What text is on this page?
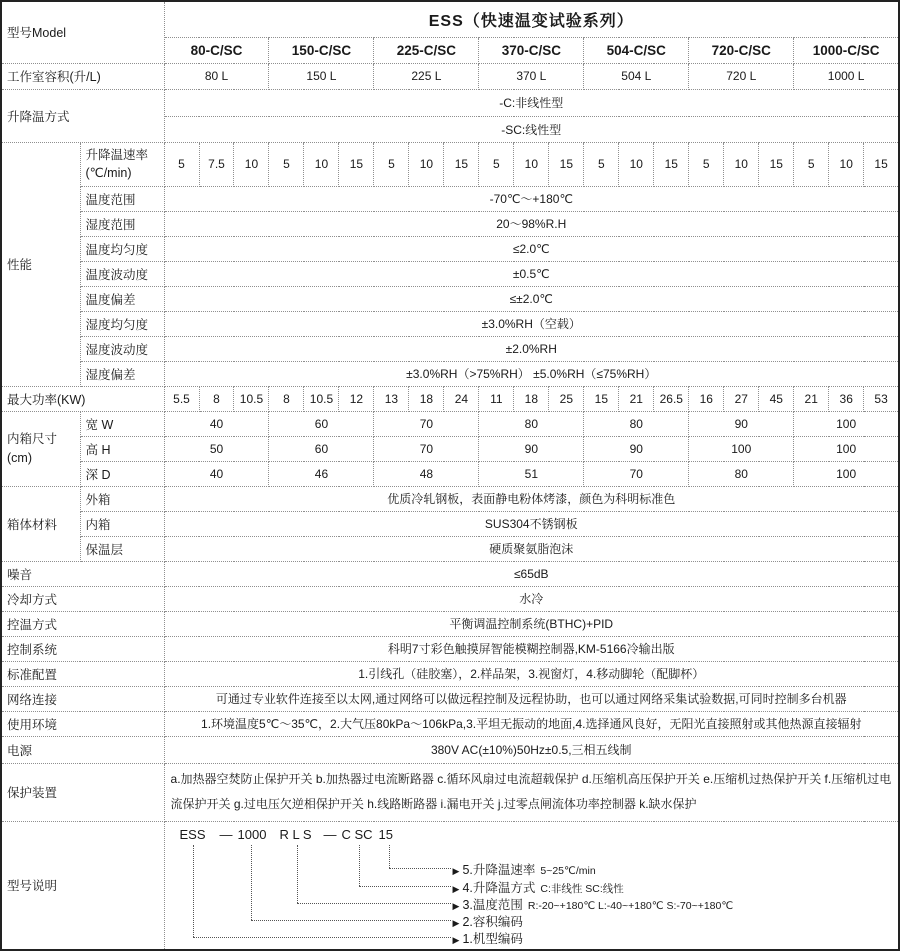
型号Model		ESS（快速温变试验系列）																				
		80-C/SC			150-C/SC			225-C/SC			370-C/SC			504-C/SC			720-C/SC			1000-C/SC		
工作室容积(升/L)		80 L			150 L			225 L			370 L			504 L			720 L			1000 L		
升降温方式		-C:非线性型																				
		-SC:线性型																				
性能	升降温速率
(℃/min)	5	7.5	10	5	10	15	5	10	15	5	10	15	5	10	15	5	10	15	5	10	15
	温度范围	-70℃～+180℃																				
	湿度范围	20～98%R.H																				
	温度均匀度	≤2.0℃																				
	温度波动度	±0.5℃																				
	温度偏差	≤±2.0℃																				
	湿度均匀度	±3.0%RH（空载）																				
	湿度波动度	±2.0%RH																				
	湿度偏差	±3.0%RH（>75%RH） ±5.0%RH（≤75%RH）																				
最大功率(KW)		5.5	8	10.5	8	10.5	12	13	18	24	11	18	25	15	21	26.5	16	27	45	21	36	53

内箱尺寸
(cm)	宽 W	40			60			70			80			80			90			100		
	高 H	50			60			70			90			90			100			100		
	深 D	40			46			48			51			70			80			100		
箱体材料	外箱	优质冷轧钢板，表面静电粉体烤漆，颜色为科明标准色																				
	内箱	SUS304不锈钢板																				
	保温层	硬质聚氨脂泡沫																				
噪音		≤65dB																				
冷却方式		水冷																				
控温方式		平衡调温控制系统(BTHC)+PID																				
控制系统		科明7寸彩色触摸屏智能模糊控制器,KM-5166冷输出版																				
标准配置		1.引线孔（硅胶塞），2.样品架，3.视窗灯，4.移动脚轮（配脚杯）																				
网络连接		可通过专业软件连接至以太网,通过网络可以做远程控制及远程协助，也可以通过网络采集试验数据,可同时控制多台机器																				
使用环境		1.环境温度5℃～35℃，2.大气压80kPa～106kPa,3.平坦无振动的地面,4.选择通风良好，无阳光直接照射或其他热源直接辐射																				
电源		380V AC(±10%)50Hz±0.5,三相五线制																				
保护装置		a.加热器空焚防止保护开关 b.加热器过电流断路器 c.循环风扇过电流超载保护 d.压缩机高压保护开关 e.压缩机过热保护开关 f.压缩机过电流保护开关 g.过电压欠逆相保护开关 h.线路断路器 i.漏电开关 j.过零点闸流体功率控制器 k.缺水保护																				
型号说明	
ESS — 1000 R L S — C SC 15
▶ 5.升降温速率 5~25℃/min
▶ 4.升降温方式 C:非线性 SC:线性
▶ 3.温度范围 R:-20~+180℃ L:-40~+180℃ S:-70~+180℃
▶ 2.容积编码
▶ 1.机型编码
